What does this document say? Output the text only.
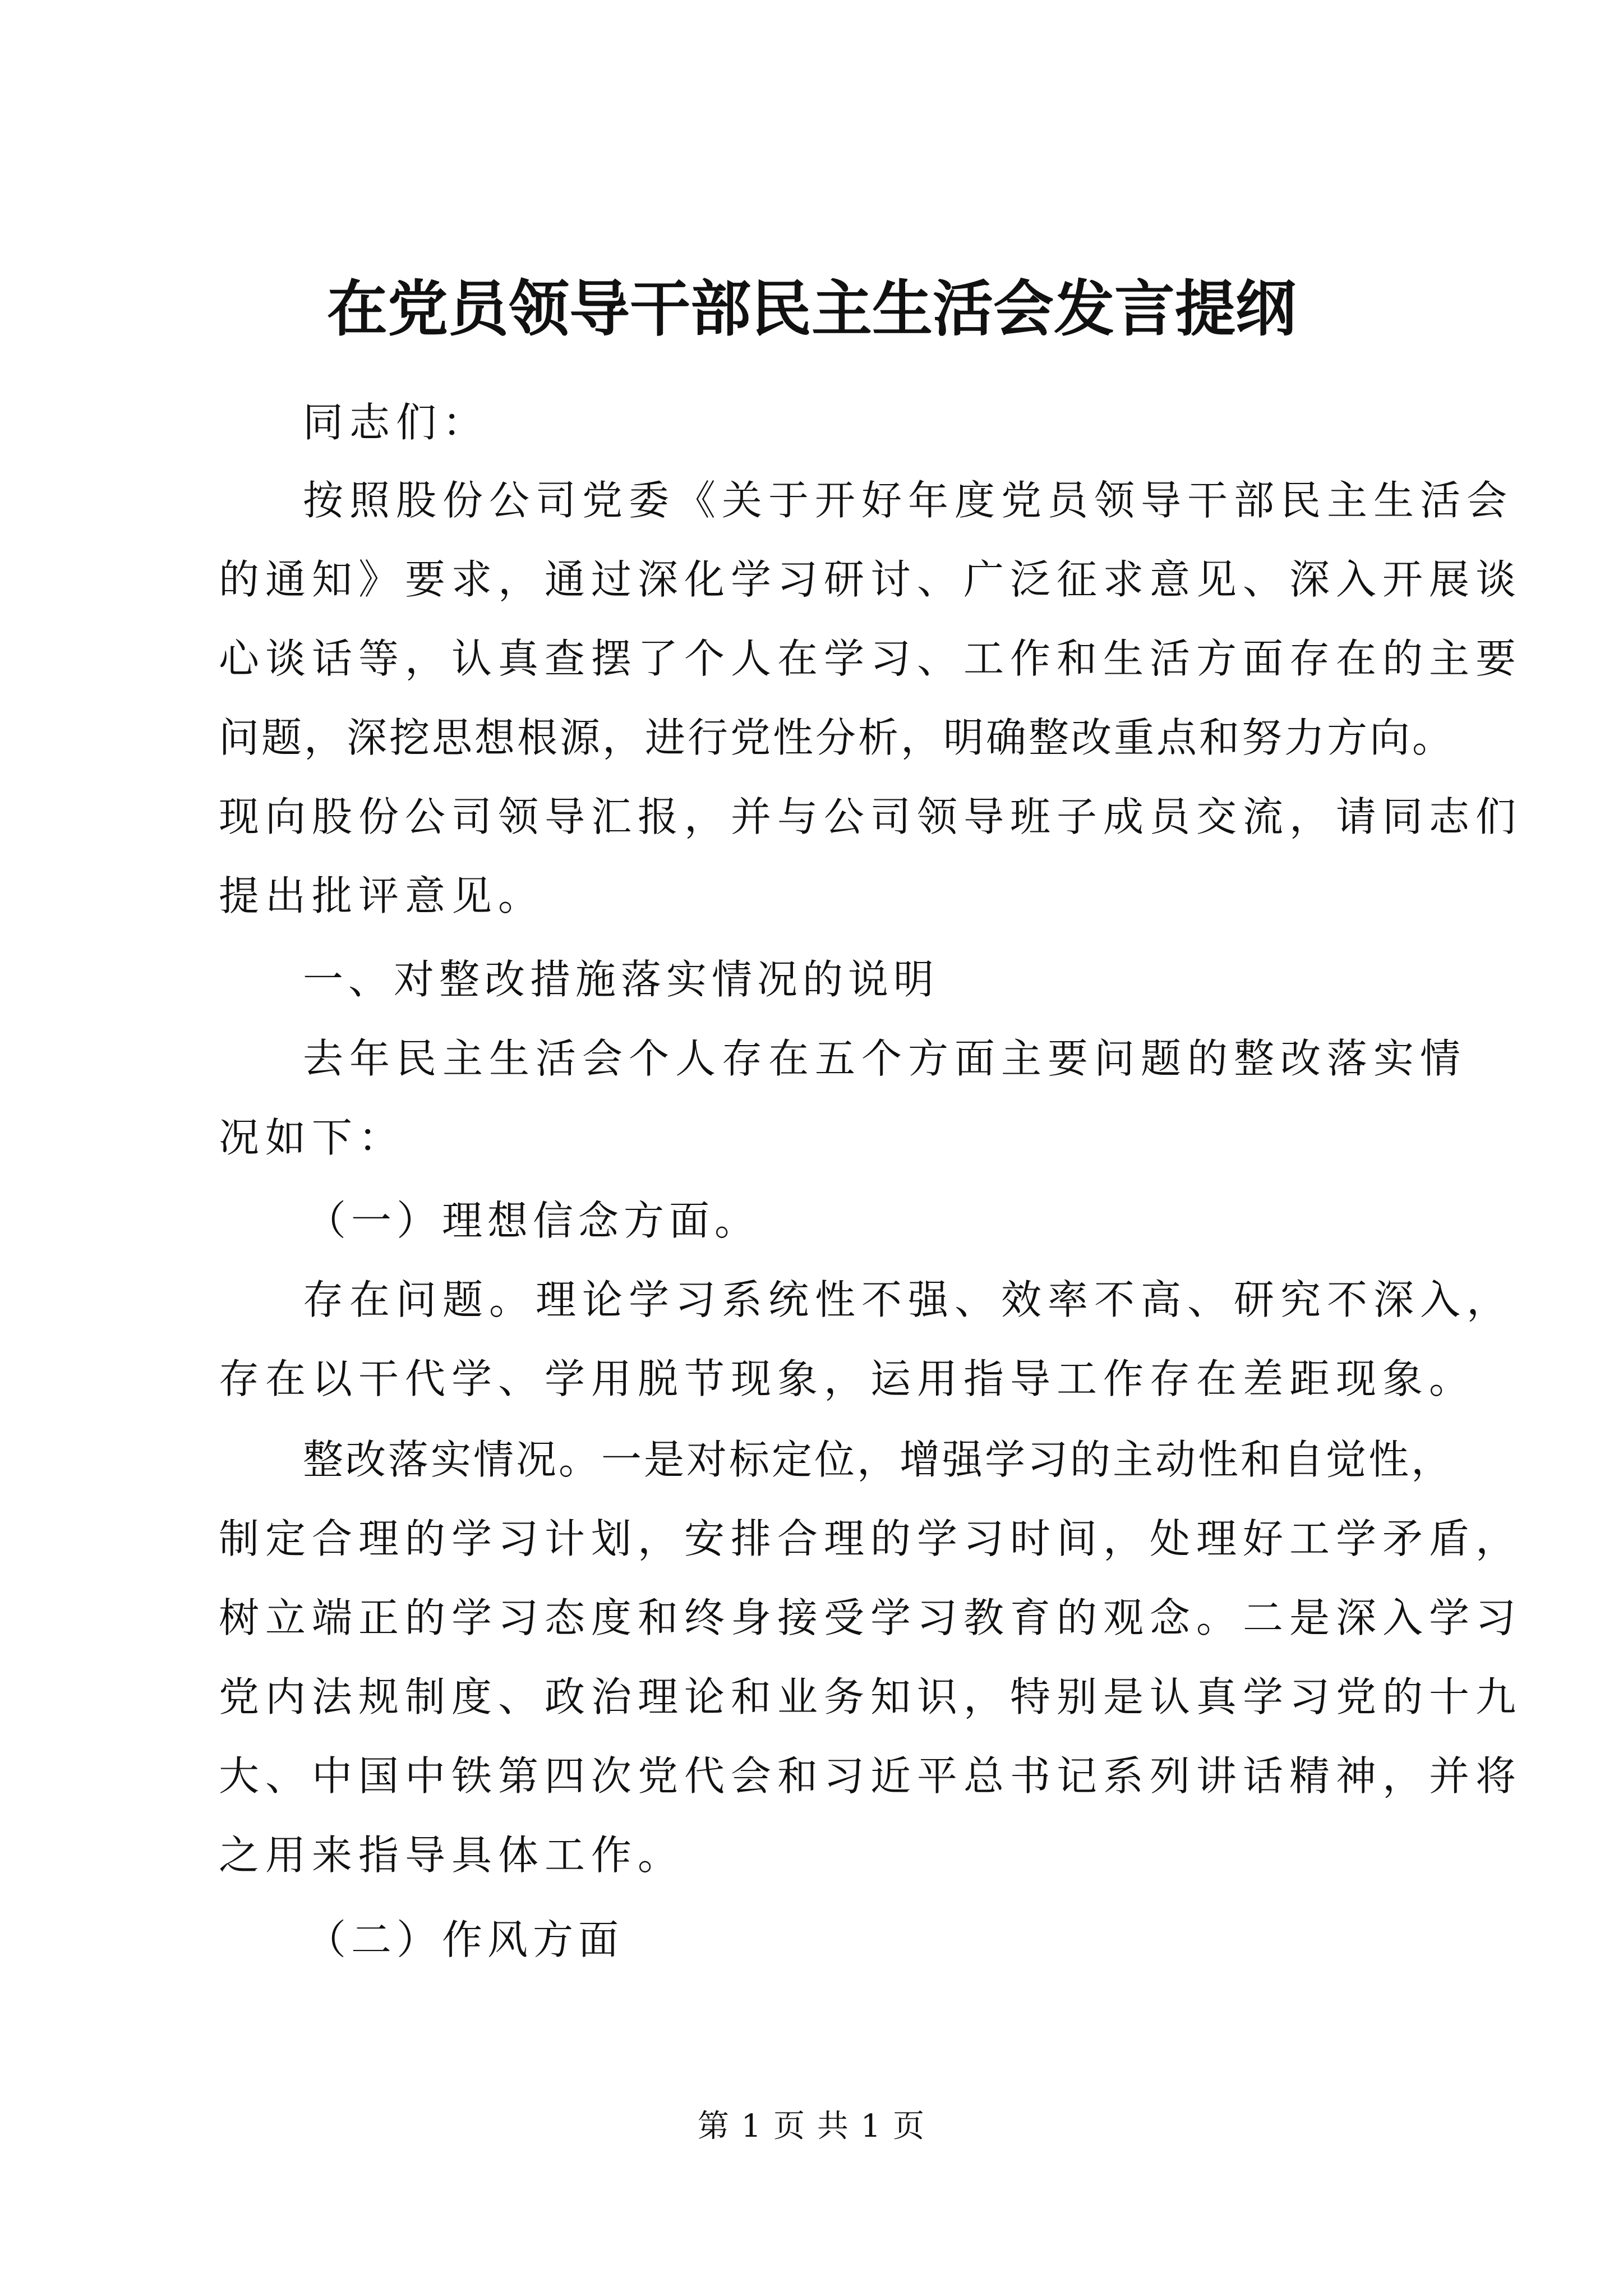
在党员领导干部民主生活会发言提纲
同志们：
按照股份公司党委《关于开好年度党员领导干部民主生活会
的通知》要求，通过深化学习研讨、广泛征求意见、深入开展谈
心谈话等，认真查摆了个人在学习、工作和生活方面存在的主要
问题，深挖思想根源，进行党性分析，明确整改重点和努力方向。
现向股份公司领导汇报，并与公司领导班子成员交流，请同志们
提出批评意见。
一、对整改措施落实情况的说明
去年民主生活会个人存在五个方面主要问题的整改落实情
况如下：
（一）理想信念方面。
存在问题。理论学习系统性不强、效率不高、研究不深入，
存在以干代学、学用脱节现象，运用指导工作存在差距现象。
整改落实情况。一是对标定位，增强学习的主动性和自觉性，
制定合理的学习计划，安排合理的学习时间，处理好工学矛盾，
树立端正的学习态度和终身接受学习教育的观念。二是深入学习
党内法规制度、政治理论和业务知识，特别是认真学习党的十九
大、中国中铁第四次党代会和习近平总书记系列讲话精神，并将
之用来指导具体工作。
（二）作风方面
第 1 页 共 1 页
